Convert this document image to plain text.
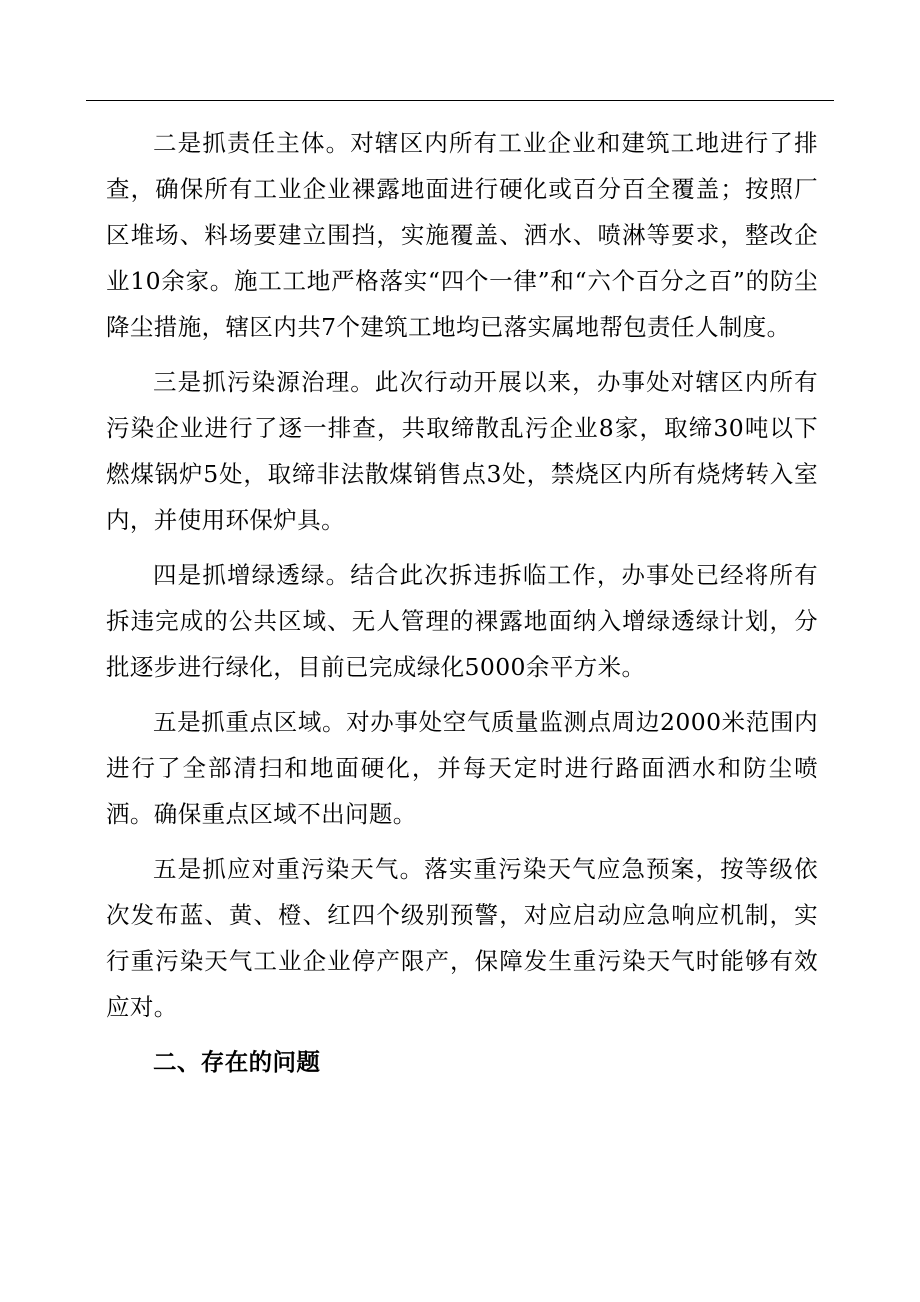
二是抓责任主体。对辖区内所有工业企业和建筑工地进行了排查，确保所有工业企业裸露地面进行硬化或百分百全覆盖；按照厂区堆场、料场要建立围挡，实施覆盖、洒水、喷淋等要求，整改企业10余家。施工工地严格落实“四个一律”和“六个百分之百”的防尘降尘措施，辖区内共7个建筑工地均已落实属地帮包责任人制度。

三是抓污染源治理。此次行动开展以来，办事处对辖区内所有污染企业进行了逐一排查，共取缔散乱污企业8家，取缔30吨以下燃煤锅炉5处，取缔非法散煤销售点3处，禁烧区内所有烧烤转入室内，并使用环保炉具。

四是抓增绿透绿。结合此次拆违拆临工作，办事处已经将所有拆违完成的公共区域、无人管理的裸露地面纳入增绿透绿计划，分批逐步进行绿化，目前已完成绿化5000余平方米。

五是抓重点区域。对办事处空气质量监测点周边2000米范围内进行了全部清扫和地面硬化，并每天定时进行路面洒水和防尘喷洒。确保重点区域不出问题。

五是抓应对重污染天气。落实重污染天气应急预案，按等级依次发布蓝、黄、橙、红四个级别预警，对应启动应急响应机制，实行重污染天气工业企业停产限产，保障发生重污染天气时能够有效应对。

二、存在的问题
